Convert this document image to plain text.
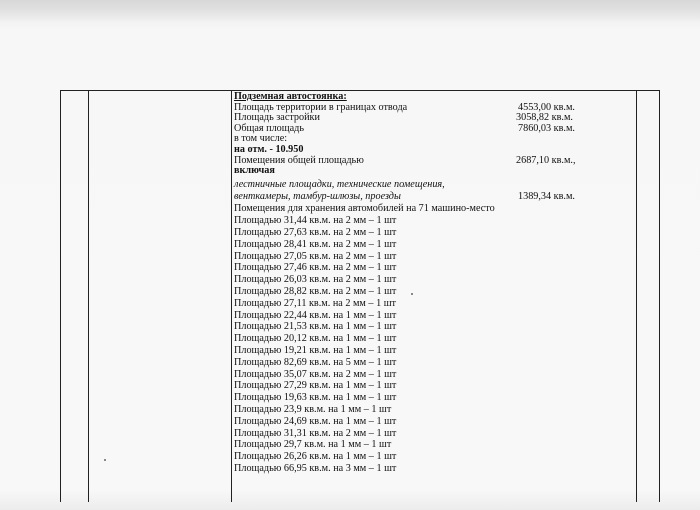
Подземная автостоянка:
Площадь территории в границах отвода	4553,00 кв.м.
Площадь застройки	3058,82 кв.м.
Общая площадь	7860,03 кв.м.
в том числе:
на отм. - 10.950
Помещения общей площадью	2687,10 кв.м.,
включая
лестничные площадки, технические помещения,
венткамеры, тамбур-шлюзы, проезды	1389,34 кв.м.
Помещения для хранения автомобилей на 71 машино-место
Площадью 31,44 кв.м. на 2 мм – 1 шт
Площадью 27,63 кв.м. на 2 мм – 1 шт
Площадью 28,41 кв.м. на 2 мм – 1 шт
Площадью 27,05 кв.м. на 2 мм – 1 шт
Площадью 27,46 кв.м. на 2 мм – 1 шт
Площадью 26,03 кв.м. на 2 мм – 1 шт
Площадью 28,82 кв.м. на 2 мм – 1 шт
Площадью 27,11 кв.м. на 2 мм – 1 шт
Площадью 22,44 кв.м. на 1 мм – 1 шт
Площадью 21,53 кв.м. на 1 мм – 1 шт
Площадью 20,12 кв.м. на 1 мм – 1 шт
Площадью 19,21 кв.м. на 1 мм – 1 шт
Площадью 82,69 кв.м. на 5 мм – 1 шт
Площадью 35,07 кв.м. на 2 мм – 1 шт
Площадью 27,29 кв.м. на 1 мм – 1 шт
Площадью 19,63 кв.м. на 1 мм – 1 шт
Площадью 23,9 кв.м. на 1 мм – 1 шт
Площадью 24,69 кв.м. на 1 мм – 1 шт
Площадью 31,31 кв.м. на 2 мм – 1 шт
Площадью 29,7 кв.м. на 1 мм – 1 шт
Площадью 26,26 кв.м. на 1 мм – 1 шт
Площадью 66,95 кв.м. на 3 мм – 1 шт
